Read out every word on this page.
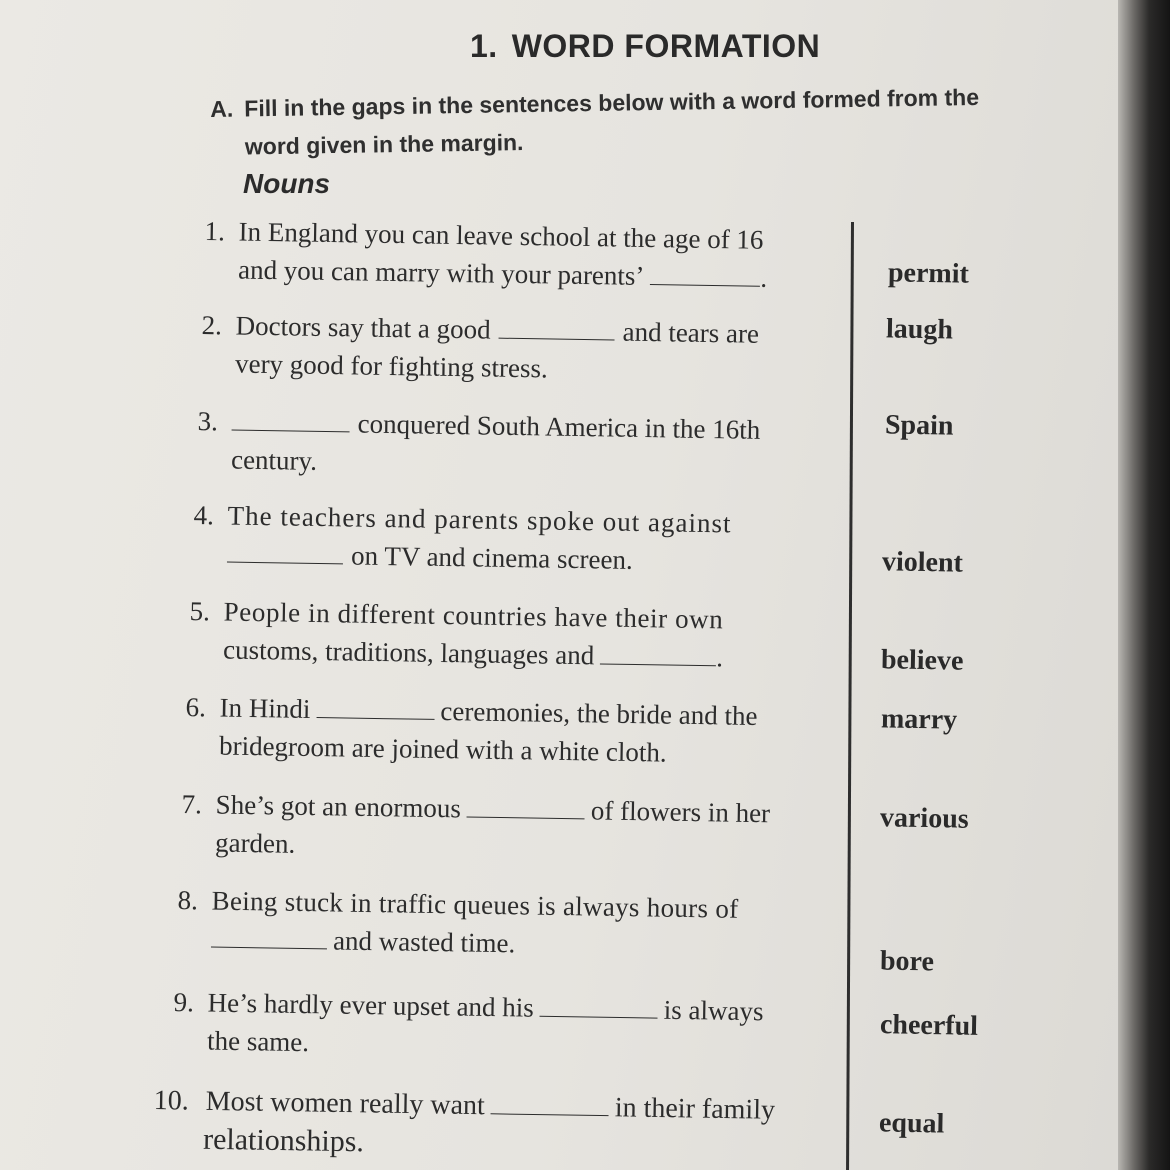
1. WORD FORMATION
A. Fill in the gaps in the sentences below with a word formed from the
word given in the margin.
Nouns
1. In England you can leave school at the age of 16
and you can marry with your parents’	.	permit
2. Doctors say that a good	and tears are
very good for fighting stress.
laugh
3.	conquered South America in the 16th
century.
Spain
4. The teachers and parents spoke out against
on TV and cinema screen.	violent
5. People in different countries have their own
customs, traditions, languages and	.	believe
6. In Hindi	ceremonies, the bride and the
bridegroom are joined with a white cloth.
marry
7. She’s got an enormous	of flowers in her
garden.
various
8. Being stuck in traffic queues is always hours of
and wasted time.
bore
9. He’s hardly ever upset and his	is always
the same.	cheerful
10. Most women really want	in their family
relationships.	equal
